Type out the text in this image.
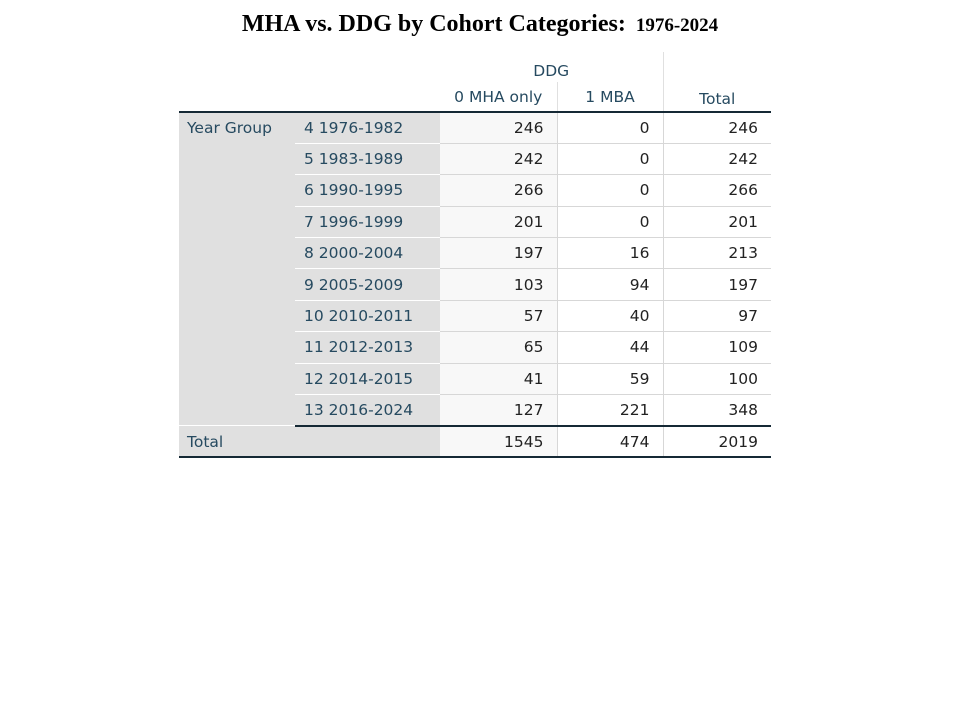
MHA vs. DDG by Cohort Categories: 1976-2024
		DDG		Total
		0 MHA only	1 MBA	
Year Group	4 1976-1982	246	0	246
	5 1983-1989	242	0	242
	6 1990-1995	266	0	266
	7 1996-1999	201	0	201
	8 2000-2004	197	16	213
	9 2005-2009	103	94	197
	10 2010-2011	57	40	97
	11 2012-2013	65	44	109
	12 2014-2015	41	59	100
	13 2016-2024	127	221	348
Total		1545	474	2019
